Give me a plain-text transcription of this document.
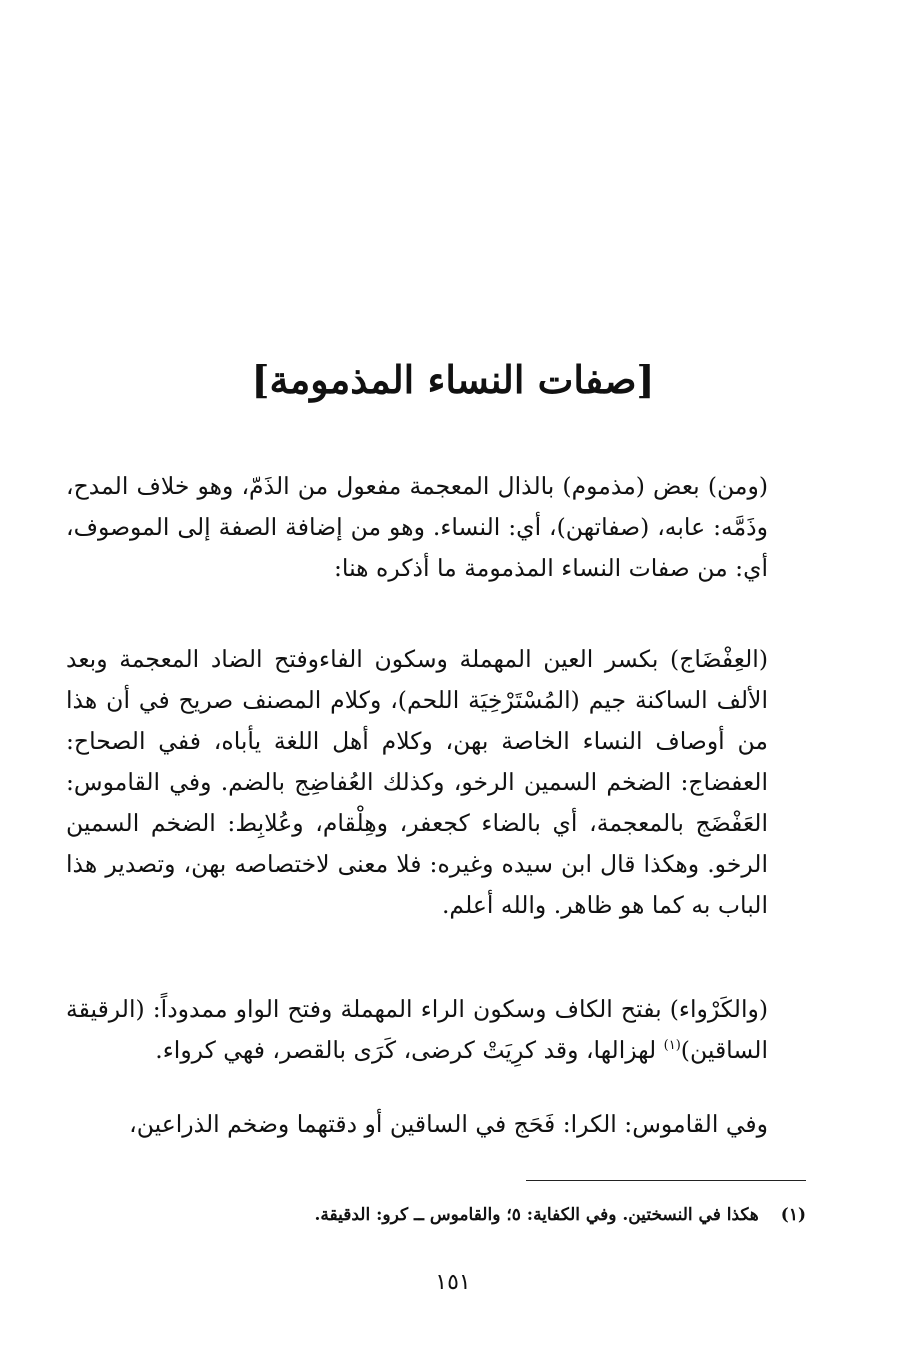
[صفات النساء المذمومة]

(ومن) بعض (مذموم) بالذال المعجمة مفعول من الذَمّ، وهو خلاف المدح، وذَمَّه: عابه، (صفاتهن)، أي: النساء. وهو من إضافة الصفة إلى الموصوف، أي: من صفات النساء المذمومة ما أذكره هنا:

(العِفْضَاج) بكسر العين المهملة وسكون الفاءوفتح الضاد المعجمة وبعد الألف الساكنة جيم (المُسْتَرْخِيَة اللحم)، وكلام المصنف صريح في أن هذا من أوصاف النساء الخاصة بهن، وكلام أهل اللغة يأباه، ففي الصحاح: العفضاج: الضخم السمين الرخو، وكذلك العُفاضِج بالضم. وفي القاموس: العَفْضَج بالمعجمة، أي بالضاء كجعفر، وهِلْقام، وعُلابِط: الضخم السمين الرخو. وهكذا قال ابن سيده وغيره: فلا معنى لاختصاصه بهن، وتصدير هذا الباب به كما هو ظاهر. والله أعلم.

(والكَرْواء) بفتح الكاف وسكون الراء المهملة وفتح الواو ممدوداً: (الرقيقة الساقين)$^{(١)}$ لهزالها، وقد كرِيَتْ كرضى، كَرَى بالقصر، فهي كرواء.

وفي القاموس: الكرا: فَحَج في الساقين أو دقتهما وضخم الذراعين،

(١)هكذا في النسختين. وفي الكفاية: ٥؛ والقاموس ــ كرو: الدقيقة.
١٥١
